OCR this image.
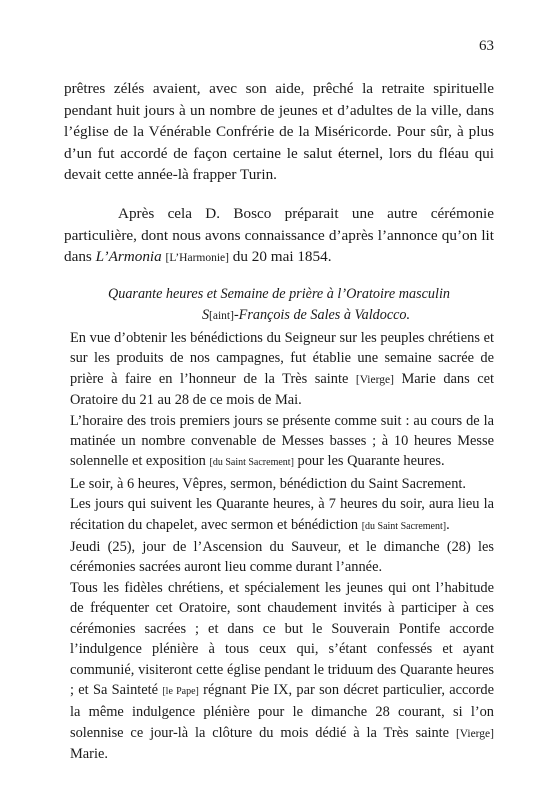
63

prêtres zélés avaient, avec son aide, prêché la retraite spirituelle pendant huit jours à un nombre de jeunes et d’adultes de la ville, dans l’église de la Vénérable Confrérie de la Miséricorde. Pour sûr, à plus d’un fut accordé de façon certaine le salut éternel, lors du fléau qui devait cette année-là frapper Turin.

Après cela D. Bosco préparait une autre cérémonie particulière, dont nous avons connaissance d’après l’annonce qu’on lit dans L’Armonia [L’Harmonie] du 20 mai 1854.

Quarante heures et Semaine de prière à l’Oratoire masculin
S[aint]-François de Sales à Valdocco.

En vue d’obtenir les bénédictions du Seigneur sur les peuples chrétiens et sur les produits de nos campagnes, fut établie une semaine sacrée de prière à faire en l’honneur de la Très sainte [Vierge] Marie dans cet Oratoire du 21 au 28 de ce mois de Mai.

L’horaire des trois premiers jours se présente comme suit : au cours de la matinée un nombre convenable de Messes basses ; à 10 heures Messe solennelle et exposition [du Saint Sacrement] pour les Quarante heures.

Le soir, à 6 heures, Vêpres, sermon, bénédiction du Saint Sacrement.

Les jours qui suivent les Quarante heures, à 7 heures du soir, aura lieu la récitation du chapelet, avec sermon et bénédiction [du Saint Sacrement].

Jeudi (25), jour de l’Ascension du Sauveur, et le dimanche (28) les cérémonies sacrées auront lieu comme durant l’année.

Tous les fidèles chrétiens, et spécialement les jeunes qui ont l’habitude de fréquenter cet Oratoire, sont chaudement invités à participer à ces cérémonies sacrées ; et dans ce but le Souverain Pontife accorde l’indulgence plénière à tous ceux qui, s’étant confessés et ayant communié, visiteront cette église pendant le triduum des Quarante heures ; et Sa Sainteté [le Pape] régnant Pie IX, par son décret particulier, accorde la même indulgence plénière pour le dimanche 28 courant, si l’on solennise ce jour-là la clôture du mois dédié à la Très sainte [Vierge] Marie.
